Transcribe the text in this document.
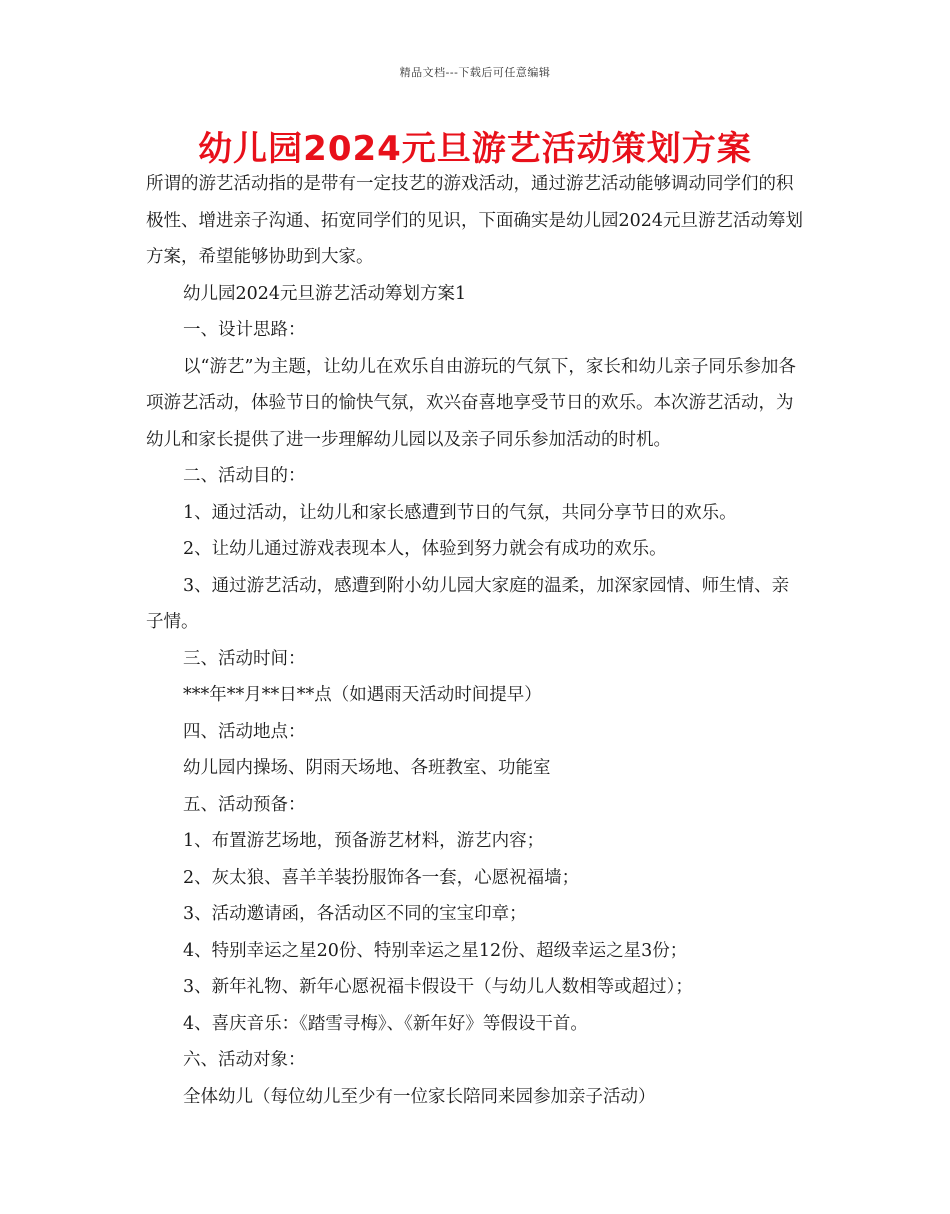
精品文档---下载后可任意编辑
幼儿园2024元旦游艺活动策划方案

所谓的游艺活动指的是带有一定技艺的游戏活动，通过游艺活动能够调动同学们的积极性、增进亲子沟通、拓宽同学们的见识，下面确实是幼儿园2024元旦游艺活动筹划方案，希望能够协助到大家。

幼儿园2024元旦游艺活动筹划方案1

一、设计思路：

以“游艺”为主题，让幼儿在欢乐自由游玩的气氛下，家长和幼儿亲子同乐参加各项游艺活动，体验节日的愉快气氛，欢兴奋喜地享受节日的欢乐。本次游艺活动，为幼儿和家长提供了进一步理解幼儿园以及亲子同乐参加活动的时机。

二、活动目的：

1、通过活动，让幼儿和家长感遭到节日的气氛，共同分享节日的欢乐。

2、让幼儿通过游戏表现本人，体验到努力就会有成功的欢乐。

3、通过游艺活动，感遭到附小幼儿园大家庭的温柔，加深家园情、师生情、亲子情。

三、活动时间：

***年**月**日**点（如遇雨天活动时间提早）

四、活动地点：

幼儿园内操场、阴雨天场地、各班教室、功能室

五、活动预备：

1、布置游艺场地，预备游艺材料，游艺内容；

2、灰太狼、喜羊羊装扮服饰各一套，心愿祝福墙；

3、活动邀请函，各活动区不同的宝宝印章；

4、特别幸运之星20份、特别幸运之星12份、超级幸运之星3份；

3、新年礼物、新年心愿祝福卡假设干（与幼儿人数相等或超过）；

4、喜庆音乐：《踏雪寻梅》、《新年好》等假设干首。

六、活动对象：

全体幼儿（每位幼儿至少有一位家长陪同来园参加亲子活动）
